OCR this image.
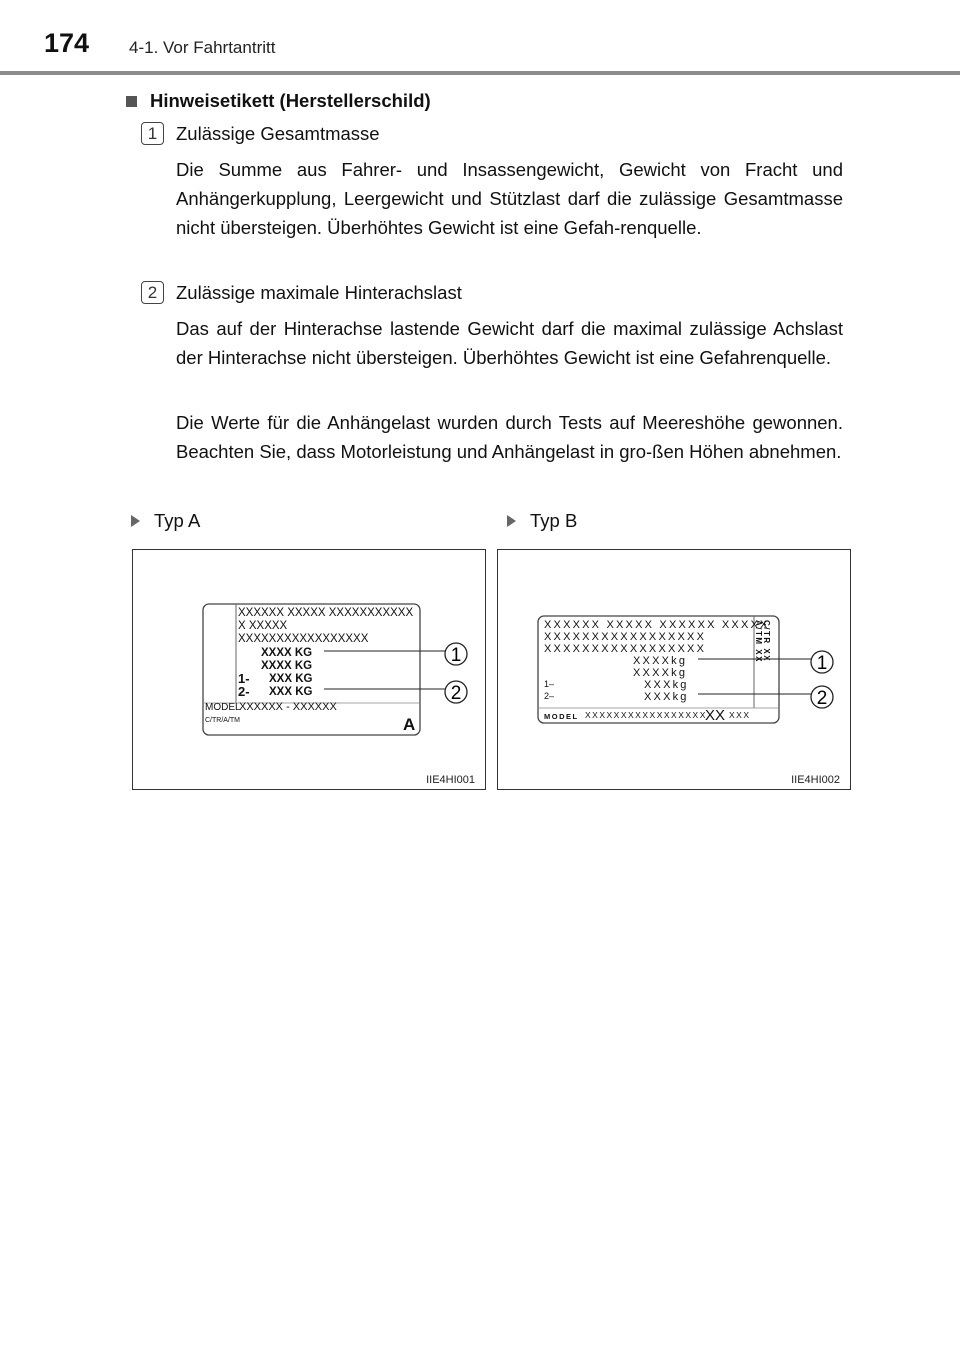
174 4-1. Vor Fahrtantritt
Hinweisetikett (Herstellerschild)
1	Zulässige Gesamtmasse

Die Summe aus Fahrer- und Insassengewicht, Gewicht von Fracht und Anhängerkupplung, Leergewicht und Stützlast darf die zulässige Gesamtmasse nicht übersteigen. Überhöhtes Gewicht ist eine Gefah-renquelle.

2	Zulässige maximale Hinterachslast

Das auf der Hinterachse lastende Gewicht darf die maximal zulässige Achslast der Hinterachse nicht übersteigen. Überhöhtes Gewicht ist eine Gefahrenquelle.

Die Werte für die Anhängelast wurden durch Tests auf Meereshöhe gewonnen. Beachten Sie, dass Motorleistung und Anhängelast in gro-ßen Höhen abnehmen.

Typ A	Typ B
XXXXXX XXXXX XXXXXXXXXXX
X XXXXX
XXXXXXXXXXXXXXXXX
XXXX KG
XXXX KG
XXX KG
XXX KG
1-
2-
MODEL
XXXXXX - XXXXXX
C/TR/A/TM	A
1
2
IIE4HI001
XXXXXX XXXXX XXXXXX XXXXX
XXXXXXXXXXXXXXXXX
XXXXXXXXXXXXXXXXX
XXXXkg
XXXXkg
XXXkg
XXXkg
1–
2–
MODEL XXXXXXXXXXXXXXXXX
XX XXX
C/TR XX
A/TM XX
1
2
IIE4HI002
